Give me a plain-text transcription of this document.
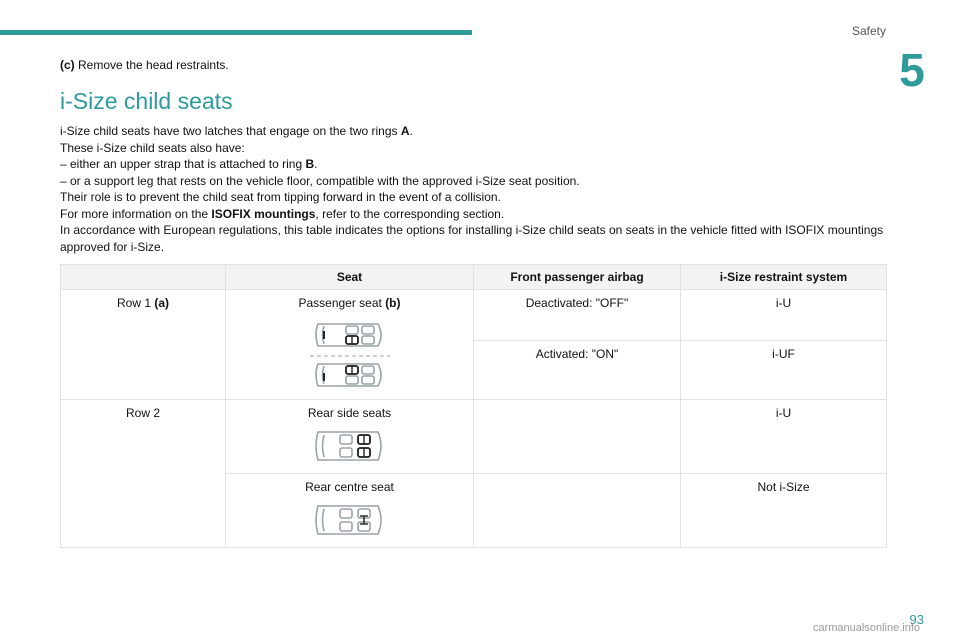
Safety
5

(c) Remove the head restraints.

i-Size child seats

i-Size child seats have two latches that engage on the two rings A.

These i-Size child seats also have:

– either an upper strap that is attached to ring B.

– or a support leg that rests on the vehicle floor, compatible with the approved i-Size seat position.

Their role is to prevent the child seat from tipping forward in the event of a collision.

For more information on the ISOFIX mountings, refer to the corresponding section.

In accordance with European regulations, this table indicates the options for installing i-Size child seats on seats in the vehicle fitted with ISOFIX mountings approved for i-Size.

	Seat	Front passenger airbag	i-Size restraint system
Row 1 (a)	Passenger seat (b)	Deactivated: "OFF"	i-U
		Activated: "ON"	i-UF
Row 2	Rear side seats		i-U
	Rear centre seat		Not i-Size
93
carmanualsonline.info
